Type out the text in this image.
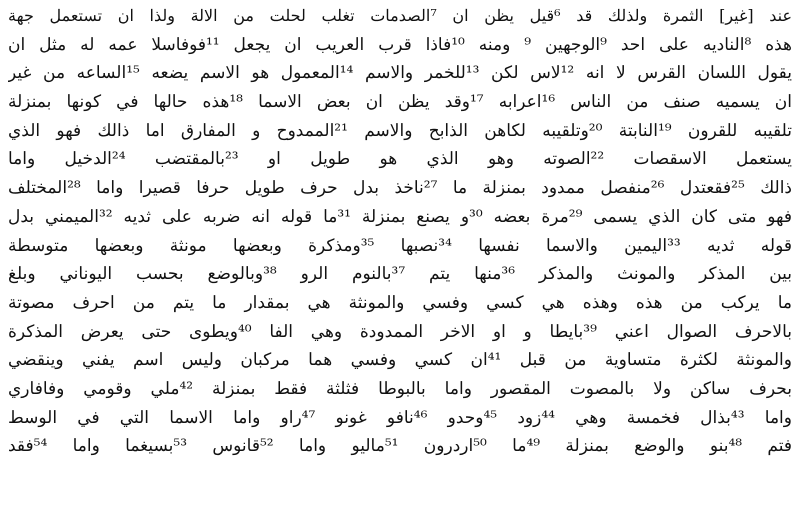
عند [غير] الثمرة ولذلك قد ⁶قيل يظن ان ⁷الصدمات تغلب لحلت من الالة ولذا ان تستعمل جهة
هذه ⁸الناديه على احد ⁹الوجهين ⁹ ومنه ¹⁰فاذا قرب العريب ان يجعل ¹¹فوفاسلا عمه له مثل ان
يقول اللسان القرس لا انه ¹²لاس لكن ¹³للخمر والاسم ¹⁴المعمول هو الاسم يضعه ¹⁵الساعه من غير
ان يسميه صنف من الناس ¹⁶اعرابه ¹⁷وقد يظن ان بعض الاسما ¹⁸هذه حالها في كونها بمنزلة
تلقيبه للقرون ¹⁹النابتة ²⁰وتلقيبه لكاهن الذابح والاسم ²¹الممدوح و المفارق اما ذالك فهو الذي
يستعمل الاسقصات ²²الصوته وهو الذي هو طويل او ²³بالمقتضب ²⁴الدخيل واما
ذالك ²⁵فقعتدل ²⁶منفصل ممدود بمنزلة ما ²⁷ناخذ بدل حرف طويل حرفا قصيرا واما ²⁸المختلف
فهو متى كان الذي يسمى ²⁹مرة بعضه ³⁰و يصنع بمنزلة ³¹ما قوله انه ضربه على ثديه ³²الميمني بدل
قوله ثديه ³³اليمين والاسما نفسها ³⁴نصبها ³⁵ومذكرة وبعضها مونثة وبعضها متوسطة
بين المذكر والمونث والمذكر ³⁶منها يتم ³⁷بالنوم الرو ³⁸وبالوضع بحسب اليوناني وبلغ
ما يركب من هذه وهذه هي كسي وفسي والمونثة هي بمقدار ما يتم من احرف مصوتة
بالاحرف الصوال اعني ³⁹بايطا و او الاخر الممدودة وهي الفا ⁴⁰ويطوى حتى يعرض المذكرة
والمونثة لكثرة متساوية من قبل ⁴¹ان كسي وفسي هما مركبان وليس اسم يفني وينقضي
بحرف ساكن ولا بالمصوت المقصور واما بالبوطا فثلثة فقط بمنزلة ⁴²ملي وقومي وفافاري
واما ⁴³بذال فخمسة وهي ⁴⁴زود ⁴⁵وحدو ⁴⁶نافو غونو ⁴⁷راو واما الاسما التي في الوسط
فتم ⁴⁸بنو والوضع بمنزلة ⁴⁹ما ⁵⁰اردرون ⁵¹ماليو واما ⁵²قانوس ⁵³بسيغما واما ⁵⁴فقد
